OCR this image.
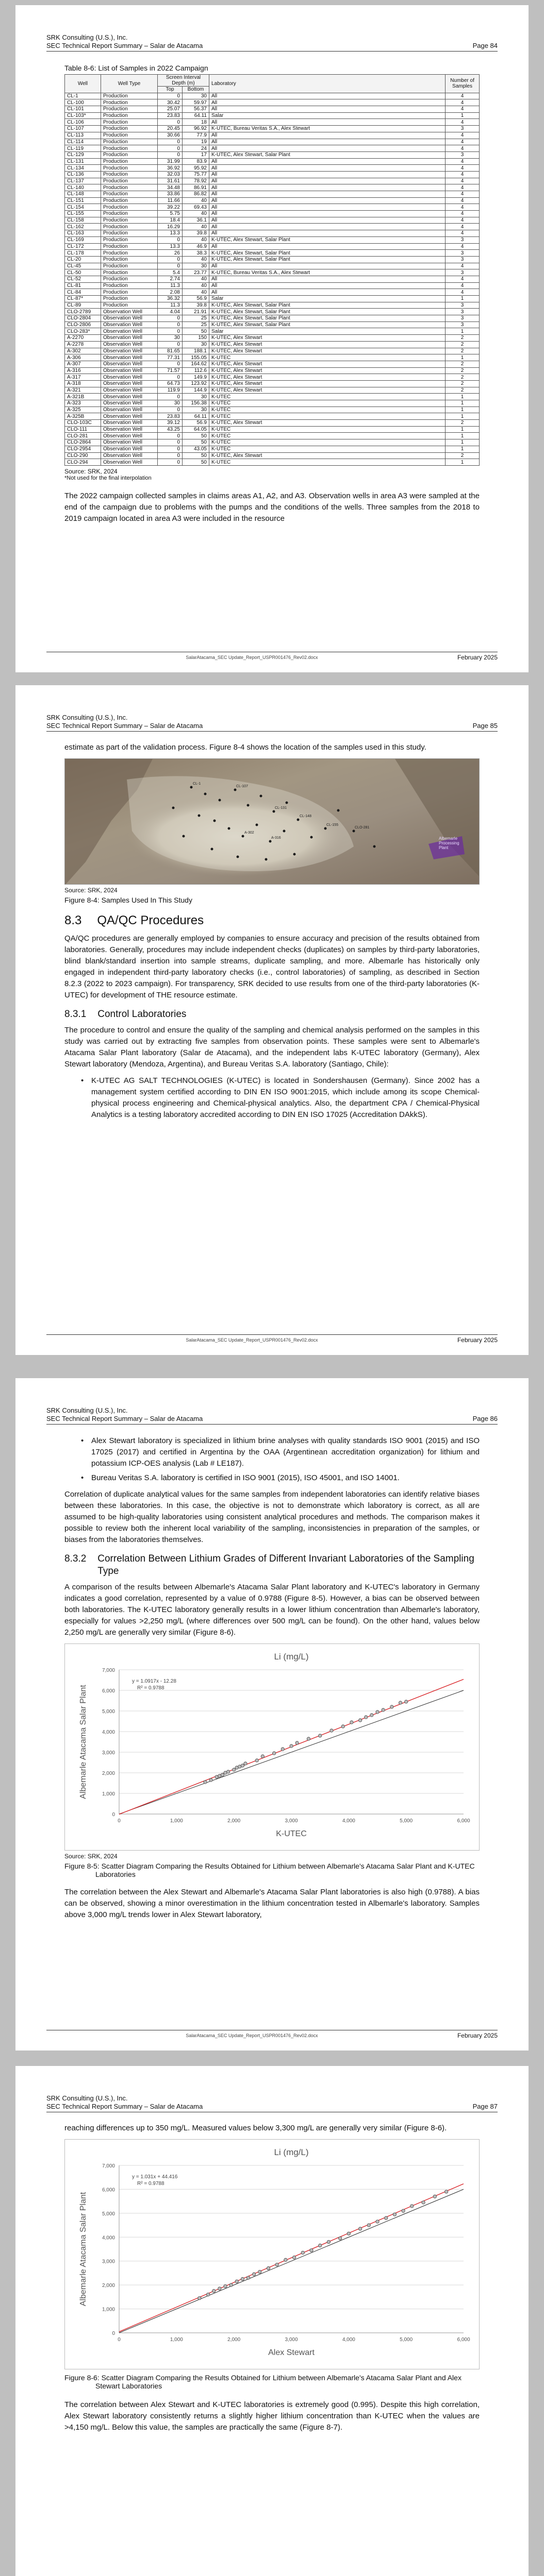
SRK Consulting (U.S.), Inc.
SEC Technical Report Summary – Salar de Atacama	Page 84
Table 8-6: List of Samples in 2022 Campaign
Well	Well Type	Screen Interval Depth (m)		Laboratory	Number of Samples
		Top	Bottom		
CL-1	Production	0	30	All	4
CL-100	Production	30.42	59.97	All	4
CL-101	Production	25.07	56.37	All	4
CL-103*	Production	23.83	64.11	Salar	1
CL-106	Production	0	18	All	4
CL-107	Production	20.45	96.92	K-UTEC, Bureau Veritas S.A., Alex Stewart	3
CL-113	Production	30.66	77.9	All	4
CL-114	Production	0	19	All	4
CL-119	Production	0	24	All	4
CL-129	Production	0	17	K-UTEC, Alex Stewart, Salar Plant	3
CL-131	Production	31.99	83.9	All	4
CL-134	Production	36.92	95.92	All	4
CL-136	Production	32.03	75.77	All	4
CL-137	Production	31.61	78.92	All	4
CL-140	Production	34.48	86.91	All	4
CL-148	Production	33.86	86.82	All	4
CL-151	Production	11.66	40	All	4
CL-154	Production	39.22	69.43	All	4
CL-155	Production	5.75	40	All	4
CL-158	Production	18.4	36.1	All	4
CL-162	Production	16.29	40	All	4
CL-163	Production	13.3	39.8	All	4
CL-169	Production	0	40	K-UTEC, Alex Stewart, Salar Plant	3
CL-172	Production	13.3	46.9	All	4
CL-178	Production	26	38.3	K-UTEC, Alex Stewart, Salar Plant	3
CL-20	Production	0	40	K-UTEC, Alex Stewart, Salar Plant	3
CL-45	Production	0	30	All	4
CL-50	Production	5.4	23.77	K-UTEC, Bureau Veritas S.A., Alex Stewart	3
CL-52	Production	2.74	40	All	4
CL-81	Production	11.3	40	All	4
CL-84	Production	2.08	40	All	4
CL-87*	Production	36.32	56.9	Salar	1
CL-89	Production	11.3	39.8	K-UTEC, Alex Stewart, Salar Plant	3
CLO-2789	Observation Well	4.04	21.91	K-UTEC, Alex Stewart, Salar Plant	3
CLO-2804	Observation Well	0	25	K-UTEC, Alex Stewart, Salar Plant	3
CLO-2806	Observation Well	0	25	K-UTEC, Alex Stewart, Salar Plant	3
CLO-283*	Observation Well	0	50	Salar	1
A-2270	Observation Well	30	150	K-UTEC, Alex Stewart	2
A-2278	Observation Well	0	30	K-UTEC, Alex Stewart	2
A-302	Observation Well	81.65	188.1	K-UTEC, Alex Stewart	2
A-306	Observation Well	77.31	155.05	K-UTEC	1
A-307	Observation Well	0	164.62	K-UTEC, Alex Stewart	2
A-316	Observation Well	71.57	112.6	K-UTEC, Alex Stewart	2
A-317	Observation Well	0	149.9	K-UTEC, Alex Stewart	2
A-318	Observation Well	64.73	123.92	K-UTEC, Alex Stewart	2
A-321	Observation Well	119.9	144.9	K-UTEC, Alex Stewart	2
A-321B	Observation Well	0	30	K-UTEC	1
A-323	Observation Well	30	156.38	K-UTEC	1
A-325	Observation Well	0	30	K-UTEC	1
A-325B	Observation Well	23.83	64.11	K-UTEC	1
CLO-103C	Observation Well	39.12	56.9	K-UTEC, Alex Stewart	2
CLO-111	Observation Well	43.25	64.05	K-UTEC	1
CLO-281	Observation Well	0	50	K-UTEC	1
CLO-2864	Observation Well	0	50	K-UTEC	1
CLO-2954	Observation Well	0	43.05	K-UTEC	1
CLO-290	Observation Well	0	50	K-UTEC, Alex Stewart	2
CLO-294	Observation Well	0	50	K-UTEC	1
Source: SRK, 2024
*Not used for the final interpolation

The 2022 campaign collected samples in claims areas A1, A2, and A3. Observation wells in area A3 were sampled at the end of the campaign due to problems with the pumps and the conditions of the wells. Three samples from the 2018 to 2019 campaign located in area A3 were included in the resource

SalarAtacama_SEC Update_Report_USPR001476_Rev02.docx	February 2025
SRK Consulting (U.S.), Inc.
SEC Technical Report Summary – Salar de Atacama	Page 85

estimate as part of the validation process. Figure 8-4 shows the location of the samples used in this study.

CL-1
CL-107
CL-131
CL-148
CL-155
A-302
A-316
CLO-281
Albemarle Processing Plant
Source: SRK, 2024
Figure 8-4: Samples Used In This Study
8.3 QA/QC Procedures

QA/QC procedures are generally employed by companies to ensure accuracy and precision of the results obtained from laboratories. Generally, procedures may include independent checks (duplicates) on samples by third-party laboratories, blind blank/standard insertion into sample streams, duplicate sampling, and more. Albemarle has historically only engaged in independent third-party laboratory checks (i.e., control laboratories) of sampling, as described in Section 8.2.3 (2022 to 2023 campaign). For transparency, SRK decided to use results from one of the third-party laboratories (K-UTEC) for development of THE resource estimate.

8.3.1 Control Laboratories

The procedure to control and ensure the quality of the sampling and chemical analysis performed on the samples in this study was carried out by extracting five samples from observation points. These samples were sent to Albemarle's Atacama Salar Plant laboratory (Salar de Atacama), and the independent labs K-UTEC laboratory (Germany), Alex Stewart laboratory (Mendoza, Argentina), and Bureau Veritas S.A. laboratory (Santiago, Chile):

• K-UTEC AG SALT TECHNOLOGIES (K-UTEC) is located in Sondershausen (Germany). Since 2002 has a management system certified according to DIN EN ISO 9001:2015, which include among its scope Chemical-physical process engineering and Chemical-physical analytics. Also, the department CPA / Chemical-Physical Analytics is a testing laboratory accredited according to DIN EN ISO 17025 (Accreditation DAkkS).
SalarAtacama_SEC Update_Report_USPR001476_Rev02.docx	February 2025
SRK Consulting (U.S.), Inc.
SEC Technical Report Summary – Salar de Atacama	Page 86
• Alex Stewart laboratory is specialized in lithium brine analyses with quality standards ISO 9001 (2015) and ISO 17025 (2017) and certified in Argentina by the OAA (Argentinean accreditation organization) for lithium and potassium ICP-OES analysis (Lab # LE187).
• Bureau Veritas S.A. laboratory is certified in ISO 9001 (2015), ISO 45001, and ISO 14001.

Correlation of duplicate analytical values for the same samples from independent laboratories can identify relative biases between these laboratories. In this case, the objective is not to demonstrate which laboratory is correct, as all are assumed to be high-quality laboratories using consistent analytical procedures and methods. The comparison makes it possible to review both the inherent local variability of the sampling, inconsistencies in preparation of the samples, or biases from the laboratories themselves.

8.3.2 Correlation Between Lithium Grades of Different Invariant Laboratories of the Sampling Type

A comparison of the results between Albemarle's Atacama Salar Plant laboratory and K-UTEC's laboratory in Germany indicates a good correlation, represented by a value of 0.9788 (Figure 8-5). However, a bias can be observed between both laboratories. The K-UTEC laboratory generally results in a lower lithium concentration than Albemarle's laboratory, especially for values >2,250 mg/L (where differences over 500 mg/L can be found). On the other hand, values below 2,250 mg/L are generally very similar (Figure 8-6).

Li (mg/L)
0
1,000
2,000
3,000
4,000
5,000
6,000
7,000
0	1,000	2,000	3,000	4,000	5,000	6,000
K-UTEC
Albemarle Atacama Salar Plant
y = 1.0917x - 12.28
R² = 0.9788
Source: SRK, 2024
Figure 8-5: Scatter Diagram Comparing the Results Obtained for Lithium between Albemarle's Atacama Salar Plant and K-UTEC Laboratories

The correlation between the Alex Stewart and Albemarle's Atacama Salar Plant laboratories is also high (0.9788). A bias can be observed, showing a minor overestimation in the lithium concentration tested in Albemarle's laboratory. Samples above 3,000 mg/L trends lower in Alex Stewart laboratory,

SalarAtacama_SEC Update_Report_USPR001476_Rev02.docx	February 2025
SRK Consulting (U.S.), Inc.
SEC Technical Report Summary – Salar de Atacama	Page 87

reaching differences up to 350 mg/L. Measured values below 3,300 mg/L are generally very similar (Figure 8-6).

Li (mg/L)
0
1,000
2,000
3,000
4,000
5,000
6,000
7,000
0	1,000	2,000	3,000	4,000	5,000	6,000
Alex Stewart
Albemarle Atacama Salar Plant
y = 1.031x + 44.416
R² = 0.9788
Figure 8-6: Scatter Diagram Comparing the Results Obtained for Lithium between Albemarle's Atacama Salar Plant and Alex Stewart Laboratories

The correlation between Alex Stewart and K-UTEC laboratories is extremely good (0.995). Despite this high correlation, Alex Stewart laboratory consistently returns a slightly higher lithium concentration than K-UTEC when the values are >4,150 mg/L. Below this value, the samples are practically the same (Figure 8-7).
